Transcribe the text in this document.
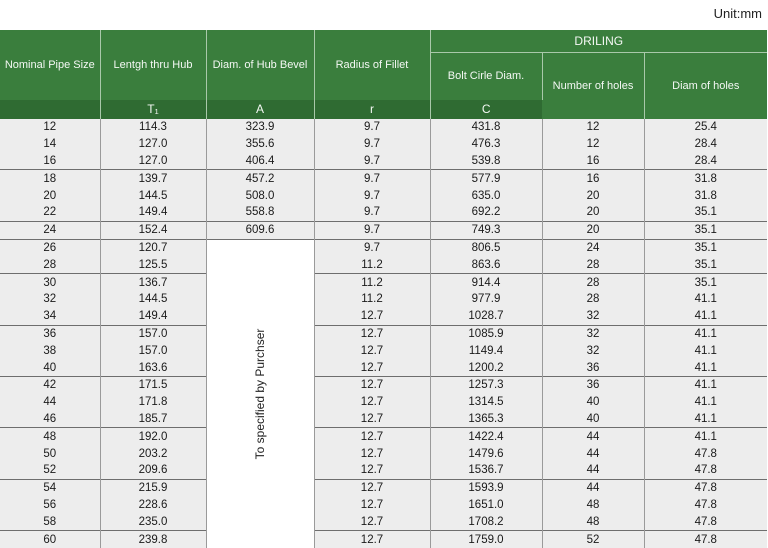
Unit:mm
Nominal Pipe Size	Lentgh thru Hub	Diam. of Hub Bevel	Radius of Fillet	DRILING		
				Bolt Cirle Diam.	Number of holes	Diam of holes
	T₁	A	r	C		
12	114.3	323.9	9.7	431.8	12	25.4
14	127.0	355.6	9.7	476.3	12	28.4
16	127.0	406.4	9.7	539.8	16	28.4
18	139.7	457.2	9.7	577.9	16	31.8
20	144.5	508.0	9.7	635.0	20	31.8
22	149.4	558.8	9.7	692.2	20	35.1
24	152.4	609.6	9.7	749.3	20	35.1
26	120.7	To specified by Purchser	9.7	806.5	24	35.1
28	125.5		11.2	863.6	28	35.1
30	136.7		11.2	914.4	28	35.1
32	144.5		11.2	977.9	28	41.1
34	149.4		12.7	1028.7	32	41.1
36	157.0		12.7	1085.9	32	41.1
38	157.0		12.7	1149.4	32	41.1
40	163.6		12.7	1200.2	36	41.1
42	171.5		12.7	1257.3	36	41.1
44	171.8		12.7	1314.5	40	41.1
46	185.7		12.7	1365.3	40	41.1
48	192.0		12.7	1422.4	44	41.1
50	203.2		12.7	1479.6	44	47.8
52	209.6		12.7	1536.7	44	47.8
54	215.9		12.7	1593.9	44	47.8
56	228.6		12.7	1651.0	48	47.8
58	235.0		12.7	1708.2	48	47.8
60	239.8		12.7	1759.0	52	47.8
